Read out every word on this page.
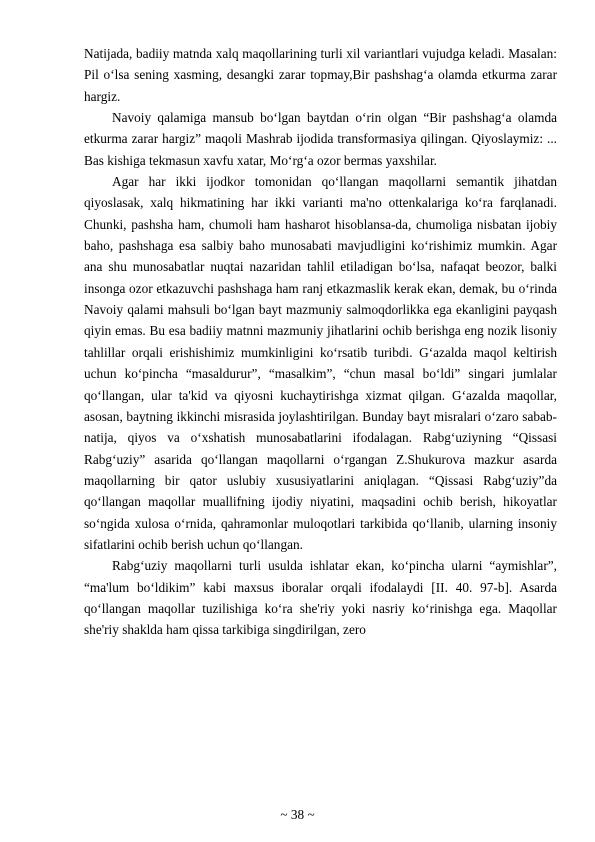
Natijada, badiiy matnda xalq maqollarining turli xil variantlari vujudga keladi. Masalan: Pil o‘lsa sening xasming, desangki zarar topmay,Bir pashshag‘a olamda etkurma zarar hargiz.

Navoiy qalamiga mansub bo‘lgan baytdan o‘rin olgan “Bir pashshag‘a olamda etkurma zarar hargiz” maqoli Mashrab ijodida transformasiya qilingan. Qiyoslaymiz: ... Bas kishiga tekmasun xavfu xatar, Mo‘rg‘a ozor bermas yaxshilar.

Agar har ikki ijodkor tomonidan qo‘llangan maqollarni semantik jihatdan qiyoslasak, xalq hikmatining har ikki varianti ma'no ottenkalariga ko‘ra farqlanadi. Chunki, pashsha ham, chumoli ham hasharot hisoblansa-da, chumoliga nisbatan ijobiy baho, pashshaga esa salbiy baho munosabati mavjudligini ko‘rishimiz mumkin. Agar ana shu munosabatlar nuqtai nazaridan tahlil etiladigan bo‘lsa, nafaqat beozor, balki insonga ozor etkazuvchi pashshaga ham ranj etkazmaslik kerak ekan, demak, bu o‘rinda Navoiy qalami mahsuli bo‘lgan bayt mazmuniy salmoqdorlikka ega ekanligini payqash qiyin emas. Bu esa badiiy matnni mazmuniy jihatlarini ochib berishga eng nozik lisoniy tahlillar orqali erishishimiz mumkinligini ko‘rsatib turibdi. G‘azalda maqol keltirish uchun ko‘pincha “masaldurur”, “masalkim”, “chun masal bo‘ldi” singari jumlalar qo‘llangan, ular ta'kid va qiyosni kuchaytirishga xizmat qilgan. G‘azalda maqollar, asosan, baytning ikkinchi misrasida joylashtirilgan. Bunday bayt misralari o‘zaro sabab-natija, qiyos va o‘xshatish munosabatlarini ifodalagan. Rabg‘uziyning “Qissasi Rabg‘uziy” asarida qo‘llangan maqollarni o‘rgangan Z.Shukurova mazkur asarda maqollarning bir qator uslubiy xususiyatlarini aniqlagan. “Qissasi Rabg‘uziy”da qo‘llangan maqollar muallifning ijodiy niyatini, maqsadini ochib berish, hikoyatlar so‘ngida xulosa o‘rnida, qahramonlar muloqotlari tarkibida qo‘llanib, ularning insoniy sifatlarini ochib berish uchun qo‘llangan.

Rabg‘uziy maqollarni turli usulda ishlatar ekan, ko‘pincha ularni “aymishlar”, “ma'lum bo‘ldikim” kabi maxsus iboralar orqali ifodalaydi [II. 40. 97-b]. Asarda qo‘llangan maqollar tuzilishiga ko‘ra she'riy yoki nasriy ko‘rinishga ega. Maqollar she'riy shaklda ham qissa tarkibiga singdirilgan, zero

~ 38 ~
